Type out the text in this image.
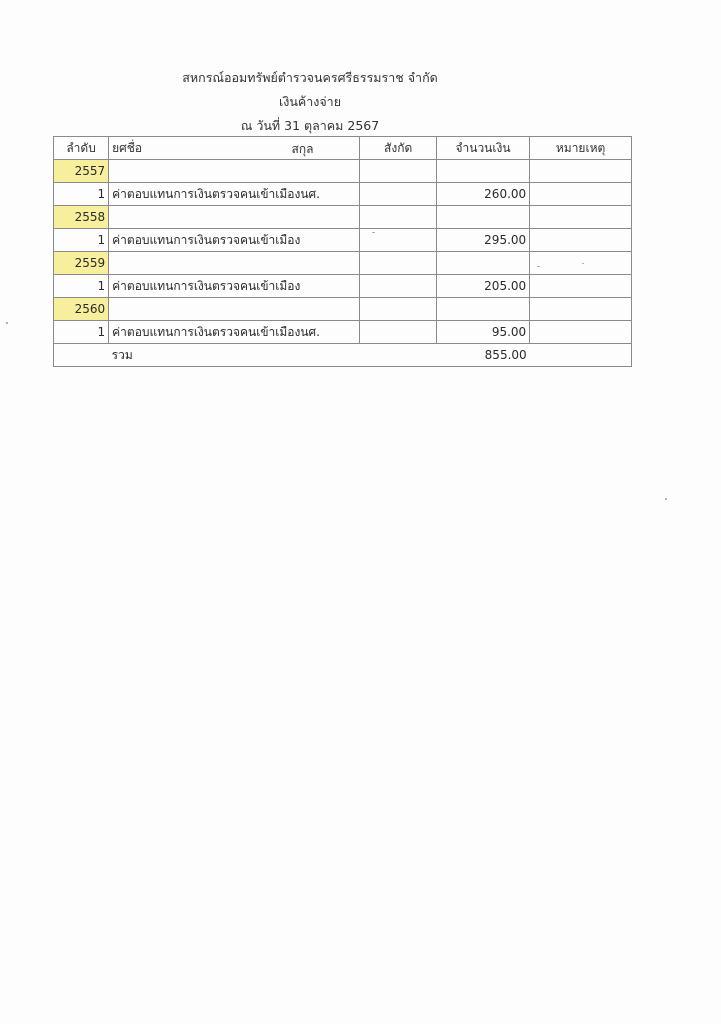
สหกรณ์ออมทรัพย์ตำรวจนครศรีธรรมราช จำกัด
เงินค้างจ่าย
ณ วันที่ 31 ตุลาคม 2567
ลำดับ	ยศชื่อ สกุล	สังกัด	จำนวนเงิน	หมายเหตุ
2557				
1	ค่าตอบแทนการเงินตรวจคนเข้าเมืองนศ.		260.00	
2558				
1	ค่าตอบแทนการเงินตรวจคนเข้าเมือง		295.00	
2559				
1	ค่าตอบแทนการเงินตรวจคนเข้าเมือง		205.00	
2560				
1	ค่าตอบแทนการเงินตรวจคนเข้าเมืองนศ.		95.00	
	รวม		855.00	
